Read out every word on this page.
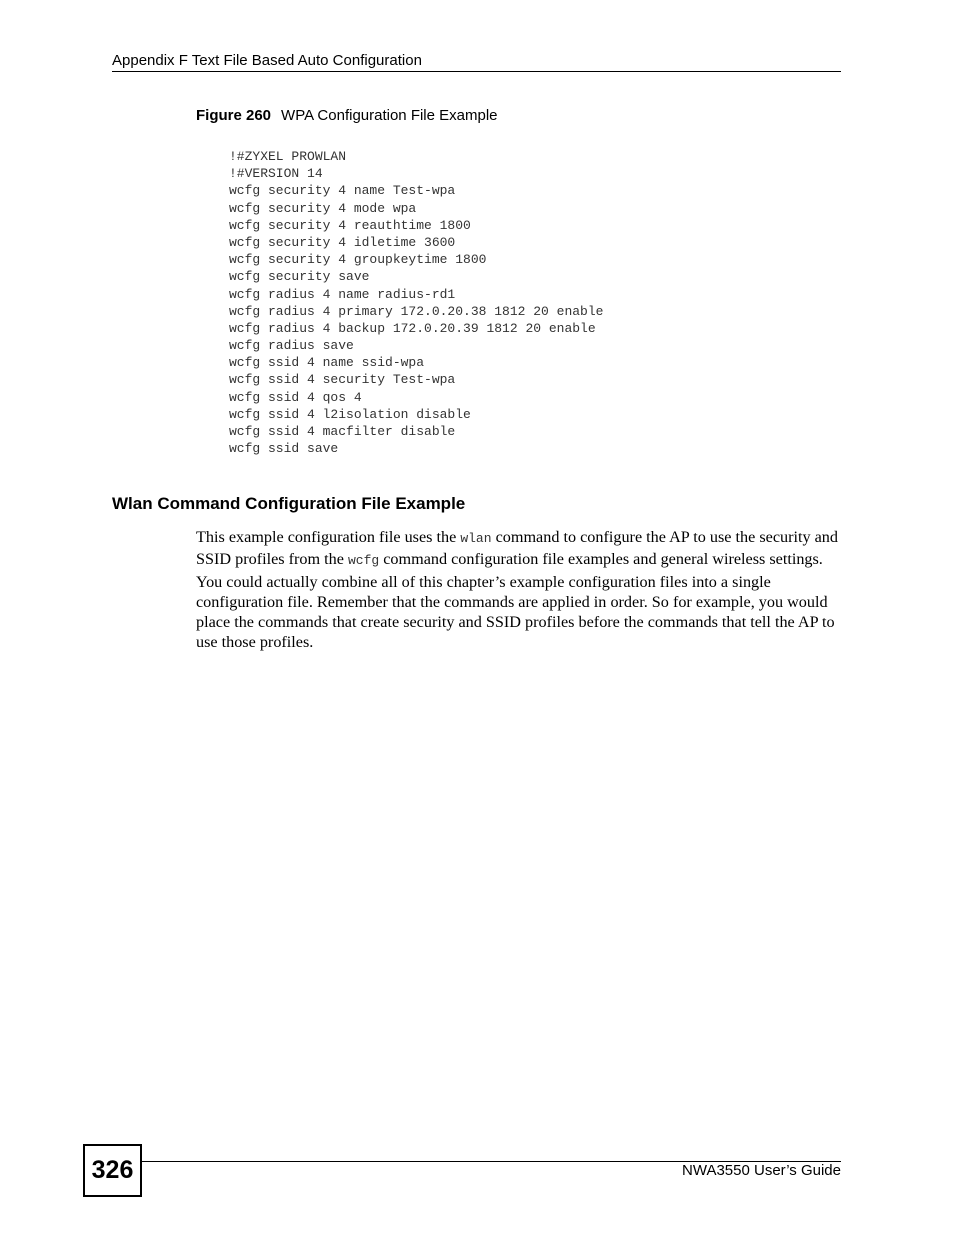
Appendix F Text File Based Auto Configuration
Figure 260 WPA Configuration File Example
!#ZYXEL PROWLAN
!#VERSION 14
wcfg security 4 name Test-wpa
wcfg security 4 mode wpa
wcfg security 4 reauthtime 1800
wcfg security 4 idletime 3600
wcfg security 4 groupkeytime 1800
wcfg security save
wcfg radius 4 name radius-rd1
wcfg radius 4 primary 172.0.20.38 1812 20 enable
wcfg radius 4 backup 172.0.20.39 1812 20 enable
wcfg radius save
wcfg ssid 4 name ssid-wpa
wcfg ssid 4 security Test-wpa
wcfg ssid 4 qos 4
wcfg ssid 4 l2isolation disable
wcfg ssid 4 macfilter disable
wcfg ssid save
Wlan Command Configuration File Example

This example configuration file uses the wlan command to configure the AP to use the security and SSID profiles from the wcfg command configuration file examples and general wireless settings. You could actually combine all of this chapter’s example configuration files into a single configuration file. Remember that the commands are applied in order. So for example, you would place the commands that create security and SSID profiles before the commands that tell the AP to use those profiles.

326	NWA3550 User’s Guide
